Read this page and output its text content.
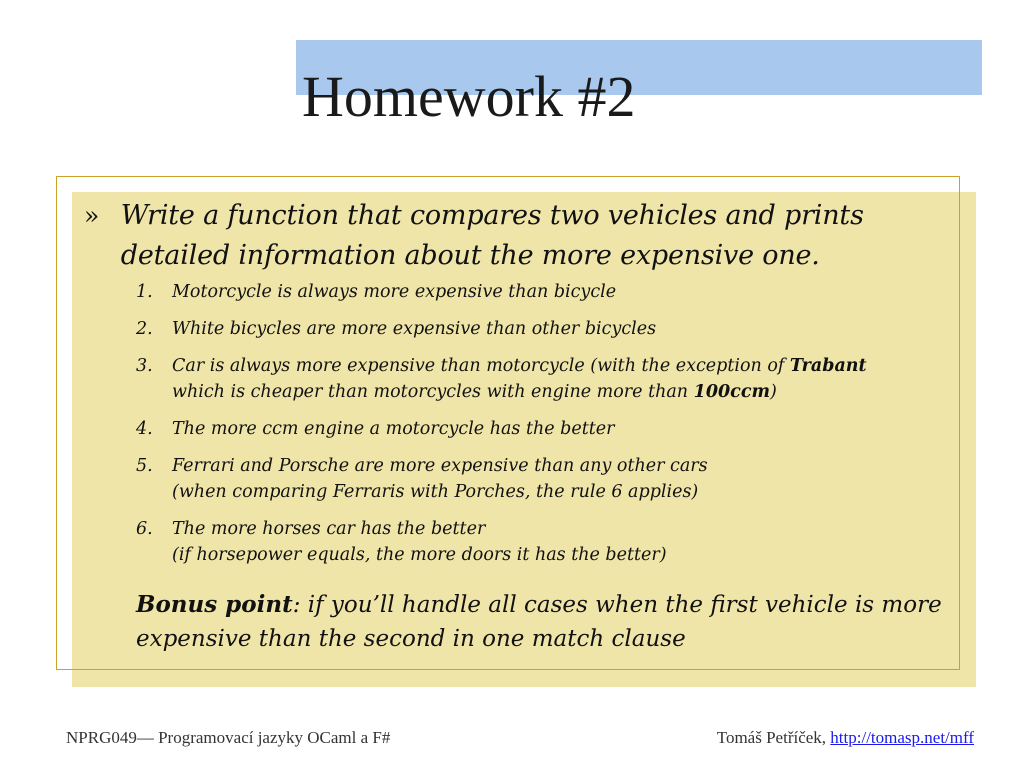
Homework #2
» Write a function that compares two vehicles and prints
detailed information about the more expensive one.
1.	Motorcycle is always more expensive than bicycle
2.	White bicycles are more expensive than other bicycles
3.	Car is always more expensive than motorcycle (with the exception of Trabant
which is cheaper than motorcycles with engine more than 100ccm)
4.	The more ccm engine a motorcycle has the better
5.	Ferrari and Porsche are more expensive than any other cars
(when comparing Ferraris with Porches, the rule 6 applies)
6.	The more horses car has the better
(if horsepower equals, the more doors it has the better)
Bonus point: if you’ll handle all cases when the first vehicle is more expensive than the second in one match clause
NPRG049— Programovací jazyky OCaml a F#	Tomáš Petříček, http://tomasp.net/mff
